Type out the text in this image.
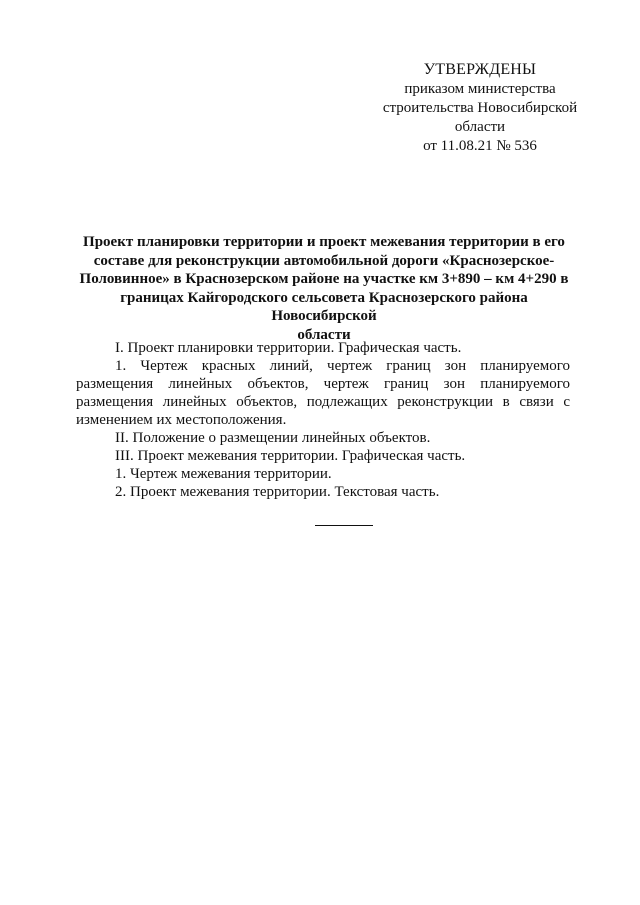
УТВЕРЖДЕНЫ
приказом министерства
строительства Новосибирской
области
от 11.08.21 № 536
Проект планировки территории и проект межевания территории в его
составе для реконструкции автомобильной дороги «Краснозерское-
Половинное» в Краснозерском районе на участке км 3+890 – км 4+290 в
границах Кайгородского сельсовета Краснозерского района Новосибирской
области

I. Проект планировки территории. Графическая часть.

1. Чертеж красных линий, чертеж границ зон планируемого размещения линейных объектов, чертеж границ зон планируемого размещения линейных объектов, подлежащих реконструкции в связи с изменением их местоположения.

II. Положение о размещении линейных объектов.

III. Проект межевания территории. Графическая часть.

1. Чертеж межевания территории.

2. Проект межевания территории. Текстовая часть.
